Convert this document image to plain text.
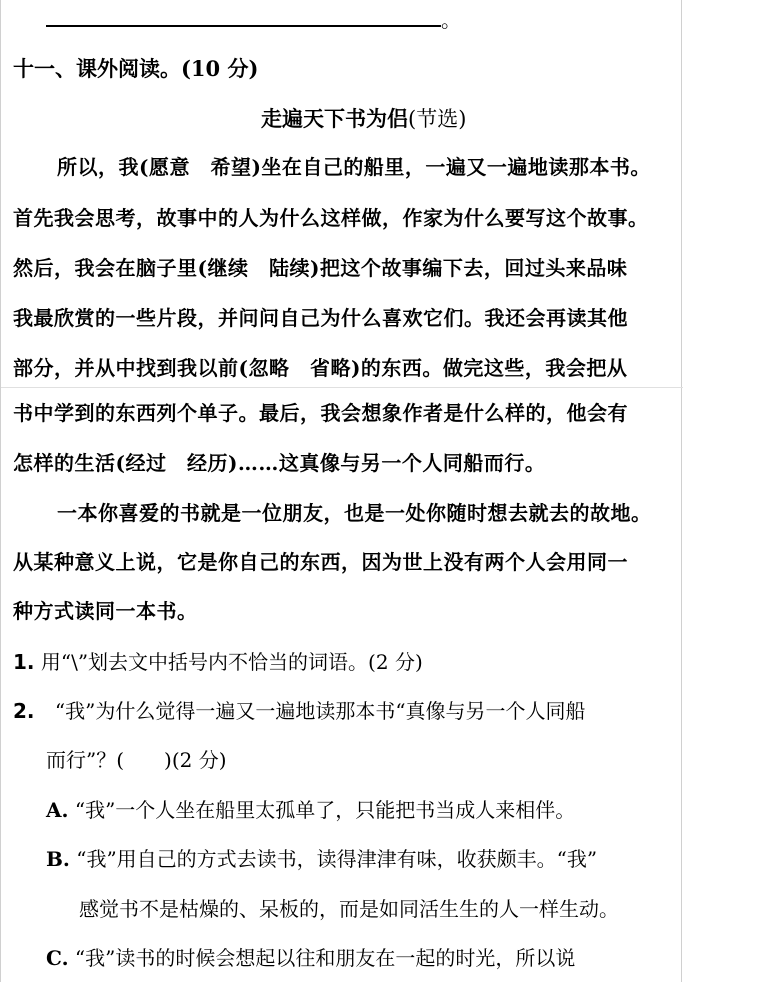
。
十一、课外阅读。(10 分)
走遍天下书为侣(节选)
所以，我(愿意　希望)坐在自己的船里，一遍又一遍地读那本书。
首先我会思考，故事中的人为什么这样做，作家为什么要写这个故事。
然后，我会在脑子里(继续　陆续)把这个故事编下去，回过头来品味
我最欣赏的一些片段，并问问自己为什么喜欢它们。我还会再读其他
部分，并从中找到我以前(忽略　省略)的东西。做完这些，我会把从
书中学到的东西列个单子。最后，我会想象作者是什么样的，他会有
怎样的生活(经过　经历)……这真像与另一个人同船而行。
一本你喜爱的书就是一位朋友，也是一处你随时想去就去的故地。
从某种意义上说，它是你自己的东西，因为世上没有两个人会用同一
种方式读同一本书。
1. 用“\”划去文中括号内不恰当的词语。(2 分)
2. “我”为什么觉得一遍又一遍地读那本书“真像与另一个人同船
而行”？(　　)(2 分)
A. “我”一个人坐在船里太孤单了，只能把书当成人来相伴。
B. “我”用自己的方式去读书，读得津津有味，收获颇丰。“我”
感觉书不是枯燥的、呆板的，而是如同活生生的人一样生动。
C. “我”读书的时候会想起以往和朋友在一起的时光，所以说
